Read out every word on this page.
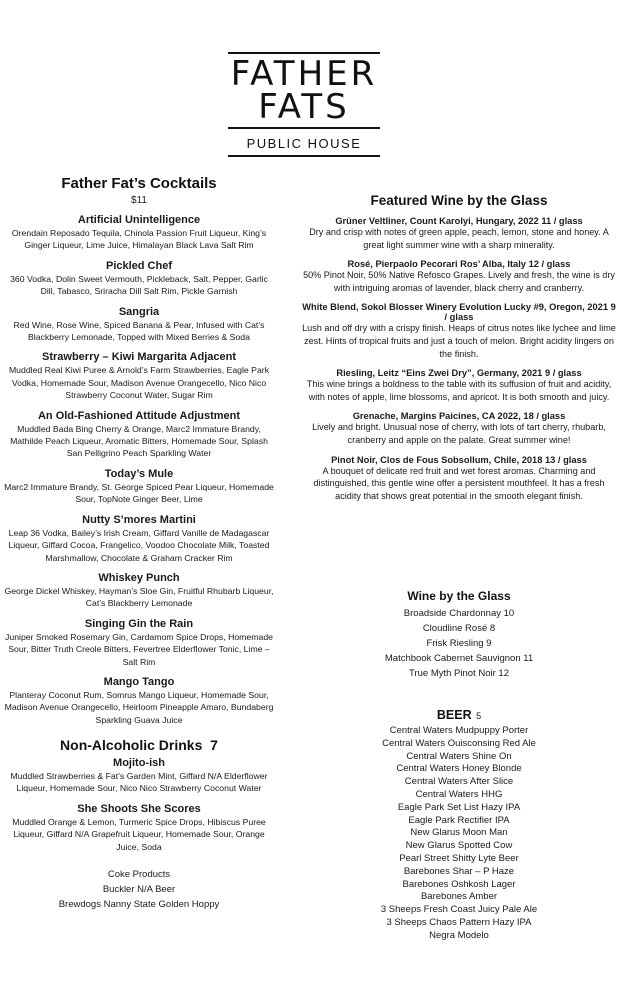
FATHER
FATS
PUBLIC HOUSE
Father Fat’s Cocktails
$11
Artificial Unintelligence
Orendain Reposado Tequila, Chinola Passion Fruit Liqueur, King’s Ginger Liqueur, Lime Juice, Himalayan Black Lava Salt Rim
Pickled Chef
360 Vodka, Dolin Sweet Vermouth, Pickleback, Salt, Pepper, Garlic Dill, Tabasco, Sriracha Dill Salt Rim, Pickle Garnish
Sangria
Red Wine, Rose Wine, Spiced Banana & Pear, Infused with Cat’s Blackberry Lemonade, Topped with Mixed Berries & Soda
Strawberry – Kiwi Margarita Adjacent
Muddled Real Kiwi Puree & Arnold’s Farm Strawberries, Eagle Park Vodka, Homemade Sour, Madison Avenue Orangecello, Nico Nico Strawberry Coconut Water, Sugar Rim
An Old-Fashioned Attitude Adjustment
Muddled Bada Bing Cherry & Orange, Marc2 Immature Brandy, Mathilde Peach Liqueur, Aromatic Bitters, Homemade Sour, Splash San Pelligrino Peach Sparkling Water
Today’s Mule
Marc2 Immature Brandy, St. George Spiced Pear Liqueur, Homemade Sour, TopNote Ginger Beer, Lime
Nutty S’mores Martini
Leap 36 Vodka, Bailey’s Irish Cream, Giffard Vanille de Madagascar Liqueur, Giffard Cocoa, Frangelico, Voodoo Chocolate Milk, Toasted Marshmallow, Chocolate & Graham Cracker Rim
Whiskey Punch
George Dickel Whiskey, Hayman’s Sloe Gin, Fruitful Rhubarb Liqueur, Cat’s Blackberry Lemonade
Singing Gin the Rain
Juniper Smoked Rosemary Gin, Cardamom Spice Drops, Homemade Sour, Bitter Truth Creole Bitters, Fevertree Elderflower Tonic, Lime – Salt Rim
Mango Tango
Planteray Coconut Rum, Somrus Mango Liqueur, Homemade Sour, Madison Avenue Orangecello, Heirloom Pineapple Amaro, Bundaberg Sparkling Guava Juice
Non-Alcoholic Drinks 7
Mojito-ish
Muddled Strawberries & Fat’s Garden Mint, Giffard N/A Elderflower Liqueur, Homemade Sour, Nico Nico Strawberry Coconut Water
She Shoots She Scores
Muddled Orange & Lemon, Turmeric Spice Drops, Hibiscus Puree Liqueur, Giffard N/A Grapefruit Liqueur, Homemade Sour, Orange Juice, Soda
Coke Products
Buckler N/A Beer
Brewdogs Nanny State Golden Hoppy
Featured Wine by the Glass
Grüner Veltliner, Count Karolyi, Hungary, 2022 11 / glass
Dry and crisp with notes of green apple, peach, lemon, stone and honey. A great light summer wine with a sharp minerality.
Rosé, Pierpaolo Pecorari Ros’ Alba, Italy 12 / glass
50% Pinot Noir, 50% Native Refosco Grapes. Lively and fresh, the wine is dry with intriguing aromas of lavender, black cherry and cranberry.
White Blend, Sokol Blosser Winery Evolution Lucky #9, Oregon, 2021 9 / glass
Lush and off dry with a crispy finish. Heaps of citrus notes like lychee and lime zest. Hints of tropical fruits and just a touch of melon. Bright acidity lingers on the finish.
Riesling, Leitz “Eins Zwei Dry”, Germany, 2021 9 / glass
This wine brings a boldness to the table with its suffusion of fruit and acidity, with notes of apple, lime blossoms, and apricot. It is both smooth and juicy.
Grenache, Margins Paicines, CA 2022, 18 / glass
Lively and bright. Unusual nose of cherry, with lots of tart cherry, rhubarb, cranberry and apple on the palate. Great summer wine!
Pinot Noir, Clos de Fous Sobsollum, Chile, 2018 13 / glass
A bouquet of delicate red fruit and wet forest aromas. Charming and distinguished, this gentle wine offer a persistent mouthfeel. It has a fresh acidity that shows great potential in the smooth elegant finish.
Wine by the Glass
Broadside Chardonnay 10
Cloudline Rosé 8
Frisk Riesling 9
Matchbook Cabernet Sauvignon 11
True Myth Pinot Noir 12
BEER 5
Central Waters Mudpuppy Porter
Central Waters Ouisconsing Red Ale
Central Waters Shine On
Central Waters Honey Blonde
Central Waters After Slice
Central Waters HHG
Eagle Park Set List Hazy IPA
Eagle Park Rectifier IPA
New Glarus Moon Man
New Glarus Spotted Cow
Pearl Street Shitty Lyte Beer
Barebones Shar – P Haze
Barebones Oshkosh Lager
Barebones Amber
3 Sheeps Fresh Coast Juicy Pale Ale
3 Sheeps Chaos Pattern Hazy IPA
Negra Modelo
